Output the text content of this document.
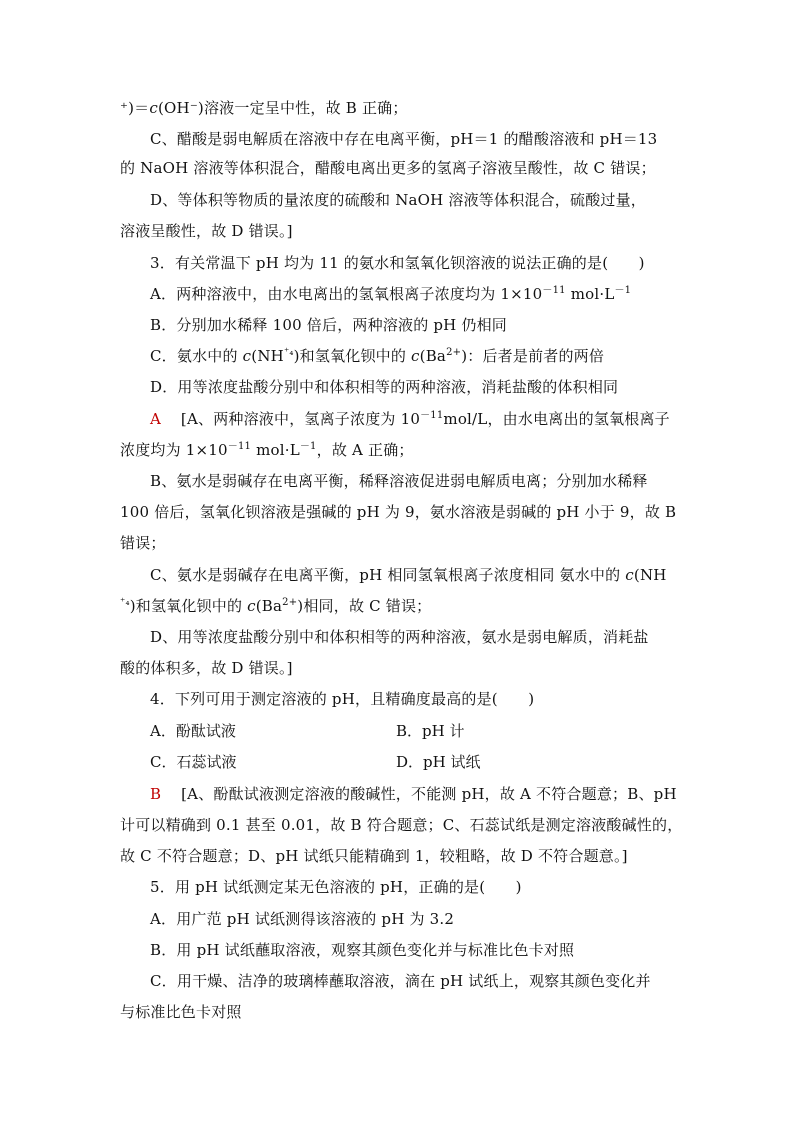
⁺)＝c(OH⁻)溶液一定呈中性，故 B 正确；
C、醋酸是弱电解质在溶液中存在电离平衡，pH＝1 的醋酸溶液和 pH＝13
的 NaOH 溶液等体积混合，醋酸电离出更多的氢离子溶液呈酸性，故 C 错误；
D、等体积等物质的量浓度的硫酸和 NaOH 溶液等体积混合，硫酸过量，
溶液呈酸性，故 D 错误。]
3．有关常温下 pH 均为 11 的氨水和氢氧化钡溶液的说法正确的是(　　)
A．两种溶液中，由水电离出的氢氧根离子浓度均为 $1\times 10^{-11}$ $mol\cdot L^{-1}$
B．分别加水稀释 100 倍后，两种溶液的 pH 仍相同
C．氨水中的 $c(NH^{^+_4})$和氢氧化钡中的 $c(Ba^{2+})$：后者是前者的两倍
D．用等浓度盐酸分别中和体积相等的两种溶液，消耗盐酸的体积相同
A [A、两种溶液中，氢离子浓度为 $10^{-11}mol/L$，由水电离出的氢氧根离子
浓度均为 $1\times 10^{-11}$ $mol\cdot L^{-1}$，故 A 正确；
B、氨水是弱碱存在电离平衡，稀释溶液促进弱电解质电离；分别加水稀释
100 倍后，氢氧化钡溶液是强碱的 pH 为 9，氨水溶液是弱碱的 pH 小于 9，故 B
错误；
C、氨水是弱碱存在电离平衡，pH 相同氢氧根离子浓度相同 氨水中的 c(NH
$^{^+_4}$)和氢氧化钡中的 $c(Ba^{2+})$相同，故 C 错误；
D、用等浓度盐酸分别中和体积相等的两种溶液，氨水是弱电解质，消耗盐
酸的体积多，故 D 错误。]
4．下列可用于测定溶液的 pH，且精确度最高的是(　　)
A．酚酞试液	B．pH 计
C．石蕊试液	D．pH 试纸
B [A、酚酞试液测定溶液的酸碱性，不能测 pH，故 A 不符合题意；B、pH
计可以精确到 0.1 甚至 0.01，故 B 符合题意；C、石蕊试纸是测定溶液酸碱性的，
故 C 不符合题意；D、pH 试纸只能精确到 1，较粗略，故 D 不符合题意。]
5．用 pH 试纸测定某无色溶液的 pH，正确的是(　　)
A．用广范 pH 试纸测得该溶液的 pH 为 3.2
B．用 pH 试纸蘸取溶液，观察其颜色变化并与标准比色卡对照
C．用干燥、洁净的玻璃棒蘸取溶液，滴在 pH 试纸上，观察其颜色变化并
与标准比色卡对照
